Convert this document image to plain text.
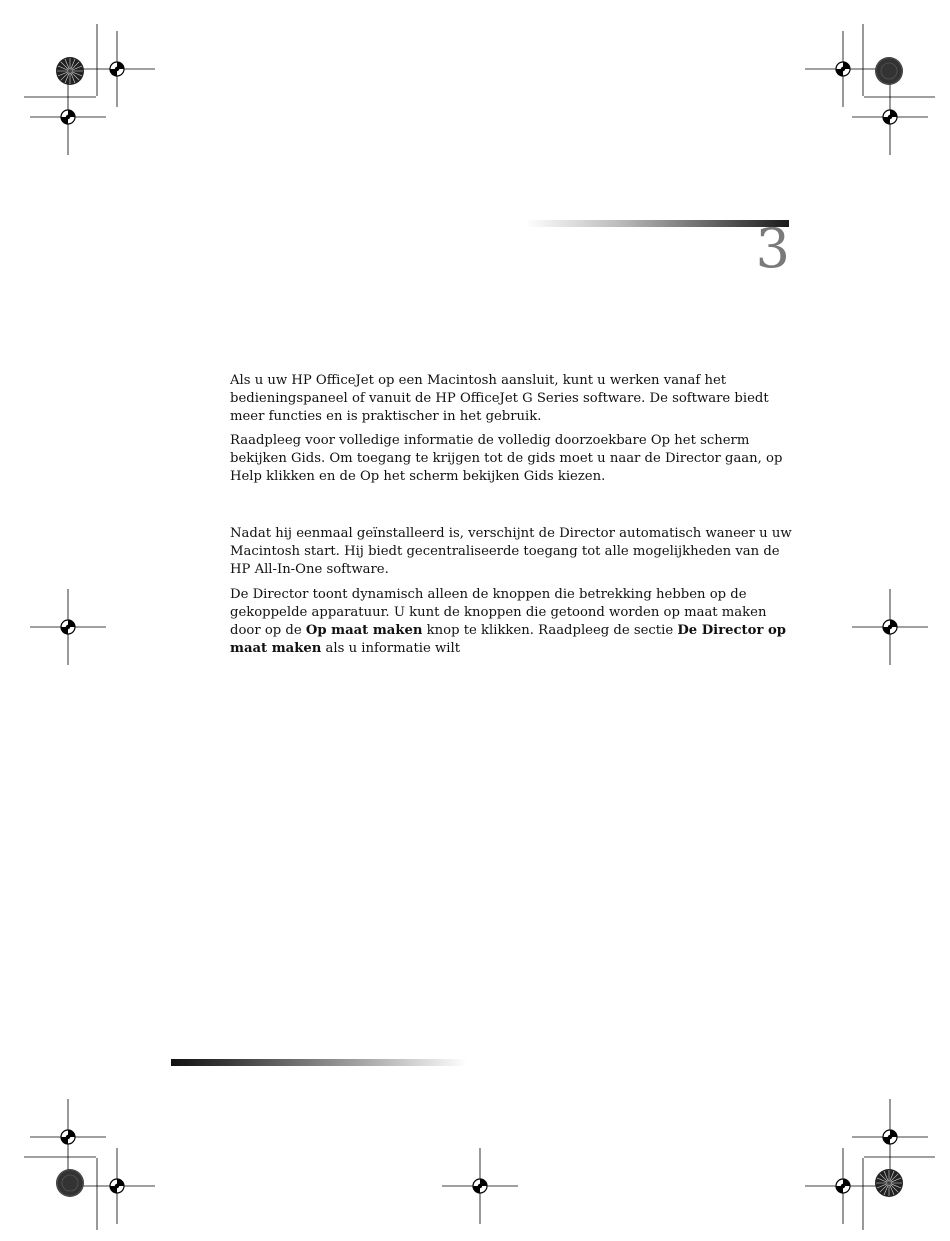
3

Als u uw HP OfficeJet op een Macintosh aansluit, kunt u werken vanaf het bedieningspaneel of vanuit de HP OfficeJet G Series software. De software biedt meer functies en is praktischer in het gebruik.

Raadpleeg voor volledige informatie de volledig doorzoekbare Op het scherm bekijken Gids. Om toegang te krijgen tot de gids moet u naar de Director gaan, op Help klikken en de Op het scherm bekijken Gids kiezen.

Nadat hij eenmaal geïnstalleerd is, verschijnt de Director automatisch waneer u uw Macintosh start. Hij biedt gecentraliseerde toegang tot alle mogelijkheden van de HP All-In-One software.

De Director toont dynamisch alleen de knoppen die betrekking hebben op de gekoppelde apparatuur. U kunt de knoppen die getoond worden op maat maken door op de Op maat maken knop te klikken. Raadpleeg de sectie De Director op maat maken als u informatie wilt
